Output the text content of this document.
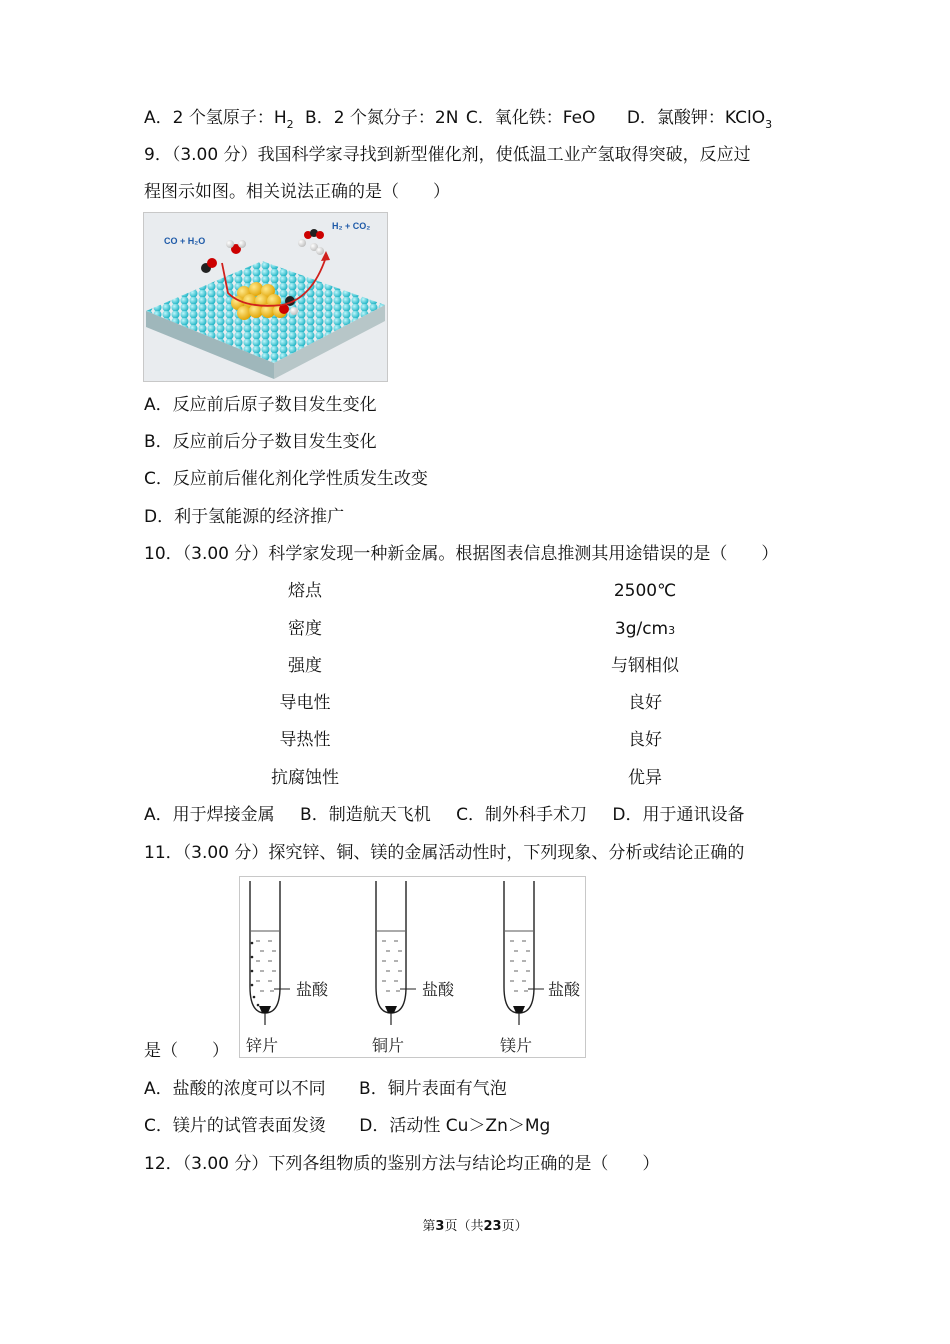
A．2 个氢原子：$H_2$ B．2 个氮分子：2N C．氧化铁：FeO D．氯酸钾：KClO$_3$
9．（3.00 分）我国科学家寻找到新型催化剂，使低温工业产氢取得突破，反应过
程图示如图。相关说法正确的是（　　）
CO + H₂O
H₂ + CO₂
A．反应前后原子数目发生变化
B．反应前后分子数目发生变化
C．反应前后催化剂化学性质发生改变
D．利于氢能源的经济推广
10．（3.00 分）科学家发现一种新金属。根据图表信息推测其用途错误的是（　　）
熔点	2500℃
密度	3g/cm3
强度	与钢相似
导电性	良好
导热性	良好
抗腐蚀性	优异
A．用于焊接金属 B．制造航天飞机 C．制外科手术刀 D．用于通讯设备
11．（3.00 分）探究锌、铜、镁的金属活动性时，下列现象、分析或结论正确的
盐酸
锌片
盐酸
铜片
盐酸
镁片
是（　　）
A．盐酸的浓度可以不同 B．铜片表面有气泡
C．镁片的试管表面发烫 D．活动性 Cu＞Zn＞Mg
12．（3.00 分）下列各组物质的鉴别方法与结论均正确的是（　　）
第3页（共23页）
